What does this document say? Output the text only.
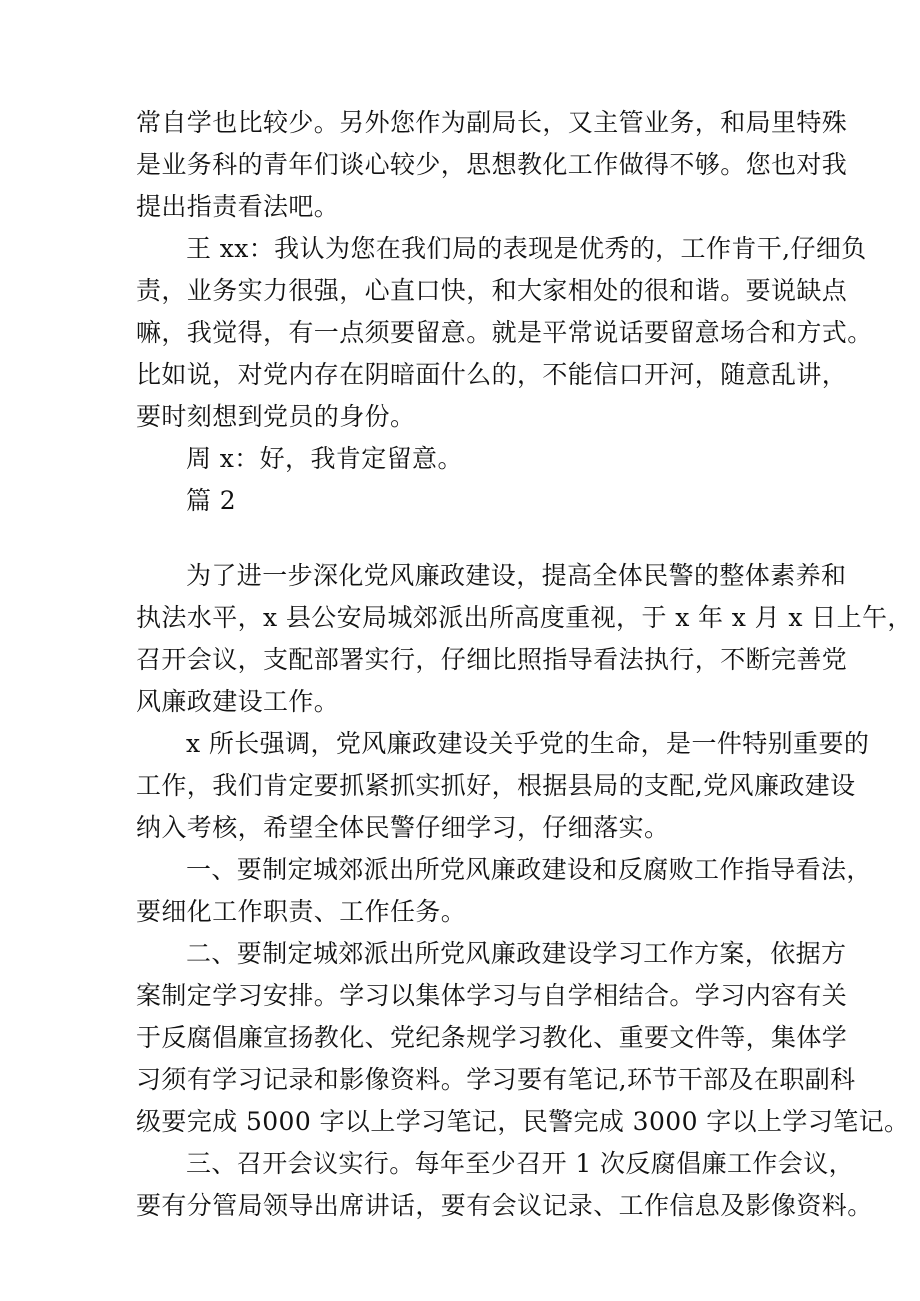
常自学也比较少。另外您作为副局长，又主管业务，和局里特殊
是业务科的青年们谈心较少，思想教化工作做得不够。您也对我
提出指责看法吧。
王 xx：我认为您在我们局的表现是优秀的，工作肯干,仔细负
责，业务实力很强，心直口快，和大家相处的很和谐。要说缺点
嘛，我觉得，有一点须要留意。就是平常说话要留意场合和方式。
比如说，对党内存在阴暗面什么的，不能信口开河，随意乱讲，
要时刻想到党员的身份。
周 x：好，我肯定留意。
篇 2
为了进一步深化党风廉政建设，提高全体民警的整体素养和
执法水平，x 县公安局城郊派出所高度重视，于 x 年 x 月 x 日上午，
召开会议，支配部署实行，仔细比照指导看法执行，不断完善党
风廉政建设工作。
x 所长强调，党风廉政建设关乎党的生命，是一件特别重要的
工作，我们肯定要抓紧抓实抓好，根据县局的支配,党风廉政建设
纳入考核，希望全体民警仔细学习，仔细落实。
一、要制定城郊派出所党风廉政建设和反腐败工作指导看法，
要细化工作职责、工作任务。
二、要制定城郊派出所党风廉政建设学习工作方案，依据方
案制定学习安排。学习以集体学习与自学相结合。学习内容有关
于反腐倡廉宣扬教化、党纪条规学习教化、重要文件等，集体学
习须有学习记录和影像资料。学习要有笔记,环节干部及在职副科
级要完成 5000 字以上学习笔记，民警完成 3000 字以上学习笔记。
三、召开会议实行。每年至少召开 1 次反腐倡廉工作会议，
要有分管局领导出席讲话，要有会议记录、工作信息及影像资料。
